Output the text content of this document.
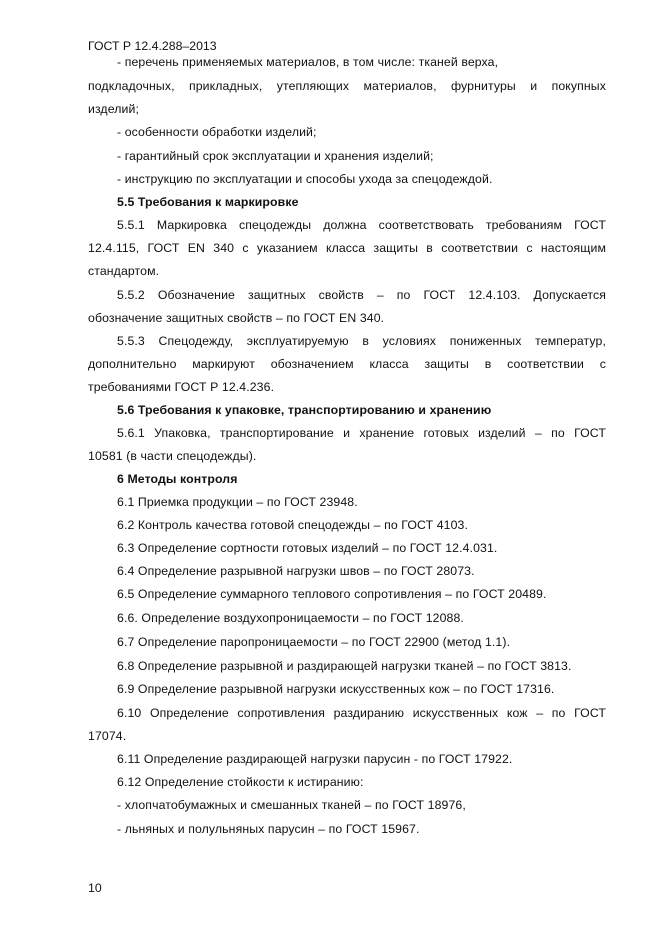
ГОСТ Р 12.4.288–2013
- перечень применяемых материалов, в том числе: тканей верха,
подкладочных, прикладных, утепляющих материалов, фурнитуры и покупных
изделий;
- особенности обработки изделий;
- гарантийный срок эксплуатации и хранения изделий;
- инструкцию по эксплуатации и способы ухода за спецодеждой.
5.5 Требования к маркировке
5.5.1 Маркировка спецодежды должна соответствовать требованиям ГОСТ
12.4.115, ГОСТ EN 340 с указанием класса защиты в соответствии с настоящим
стандартом.
5.5.2 Обозначение защитных свойств – по ГОСТ 12.4.103. Допускается
обозначение защитных свойств – по ГОСТ EN 340.
5.5.3 Спецодежду, эксплуатируемую в условиях пониженных температур,
дополнительно маркируют обозначением класса защиты в соответствии с
требованиями ГОСТ Р 12.4.236.
5.6 Требования к упаковке, транспортированию и хранению
5.6.1 Упаковка, транспортирование и хранение готовых изделий – по ГОСТ
10581 (в части спецодежды).
6 Методы контроля
6.1 Приемка продукции – по ГОСТ 23948.
6.2 Контроль качества готовой спецодежды – по ГОСТ 4103.
6.3 Определение сортности готовых изделий – по ГОСТ 12.4.031.
6.4 Определение разрывной нагрузки швов – по ГОСТ 28073.
6.5 Определение суммарного теплового сопротивления – по ГОСТ 20489.
6.6. Определение воздухопроницаемости – по ГОСТ 12088.
6.7 Определение паропроницаемости – по ГОСТ 22900 (метод 1.1).
6.8 Определение разрывной и раздирающей нагрузки тканей – по ГОСТ 3813.
6.9 Определение разрывной нагрузки искусственных кож – по ГОСТ 17316.
6.10 Определение сопротивления раздиранию искусственных кож – по ГОСТ
17074.
6.11 Определение раздирающей нагрузки парусин - по ГОСТ 17922.
6.12 Определение стойкости к истиранию:
- хлопчатобумажных и смешанных тканей – по ГОСТ 18976,
- льняных и полульняных парусин – по ГОСТ 15967.
10
